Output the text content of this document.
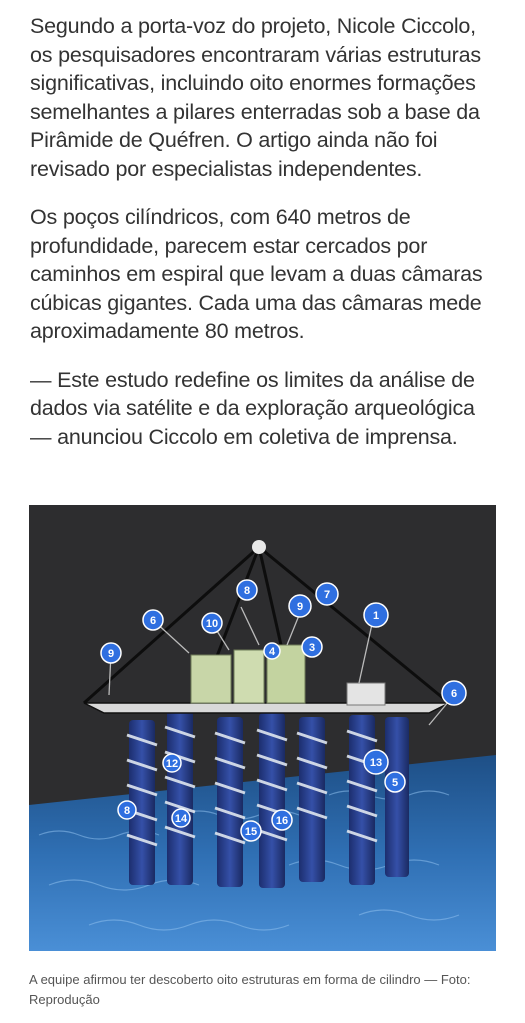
Segundo a porta-voz do projeto, Nicole Ciccolo, os pesquisadores encontraram várias estruturas significativas, incluindo oito enormes formações semelhantes a pilares enterradas sob a base da Pirâmide de Quéfren. O artigo ainda não foi revisado por especialistas independentes.

Os poços cilíndricos, com 640 metros de profundidade, parecem estar cercados por caminhos em espiral que levam a duas câmaras cúbicas gigantes. Cada uma das câmaras mede aproximadamente 80 metros.

— Este estudo redefine os limites da análise de dados via satélite e da exploração arqueológica — anunciou Ciccolo em coletiva de imprensa.

9
6	10
8
9
7
4	3
1
6
12	13
5
8
14
15
16
A equipe afirmou ter descoberto oito estruturas em forma de cilindro — Foto: Reprodução
